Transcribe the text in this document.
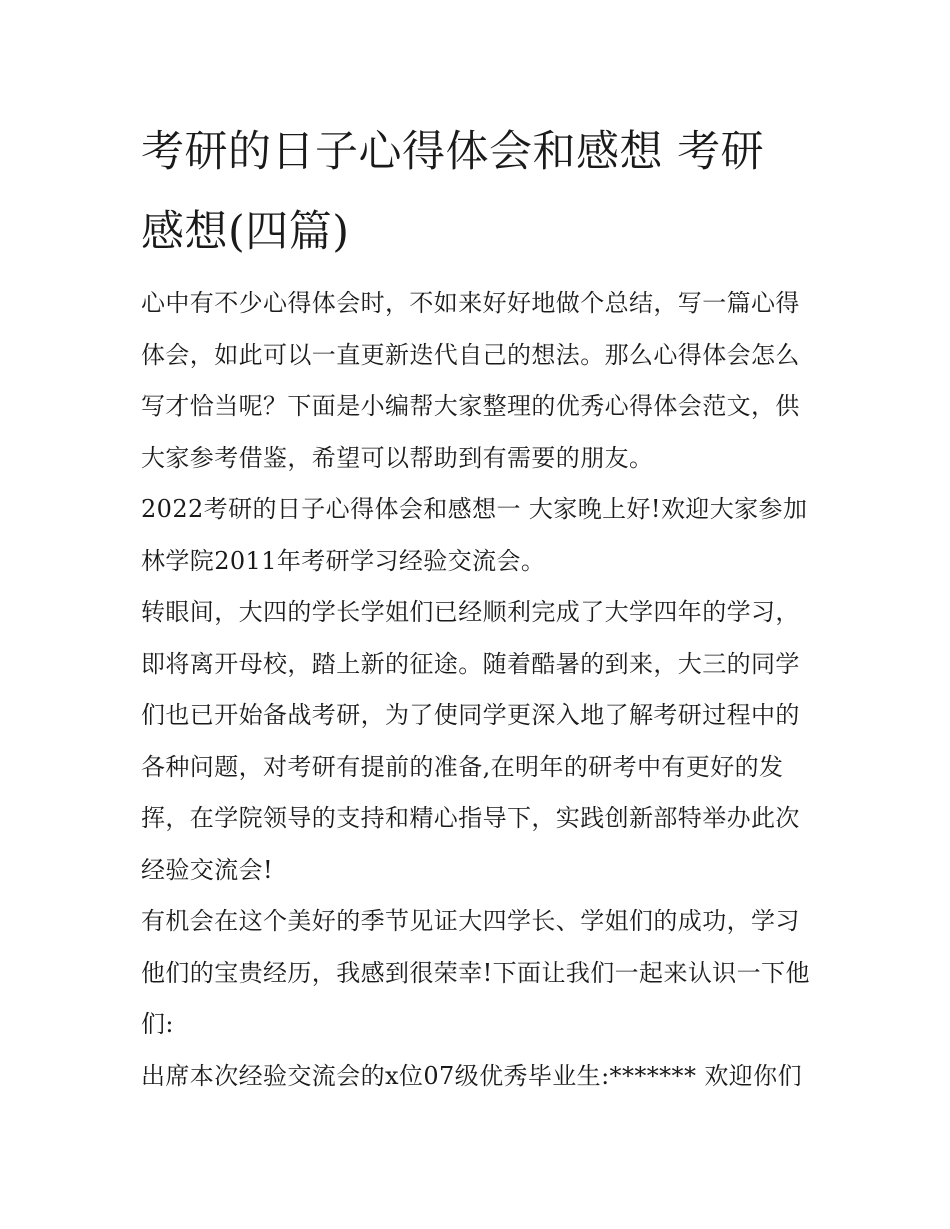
考研的日子心得体会和感想 考研 感想(四篇)

心中有不少心得体会时，不如来好好地做个总结，写一篇心得体会，如此可以一直更新迭代自己的想法。那么心得体会怎么写才恰当呢？下面是小编帮大家整理的优秀心得体会范文，供大家参考借鉴，希望可以帮助到有需要的朋友。

2022考研的日子心得体会和感想一 大家晚上好!欢迎大家参加林学院2011年考研学习经验交流会。

转眼间，大四的学长学姐们已经顺利完成了大学四年的学习，即将离开母校，踏上新的征途。随着酷暑的到来，大三的同学们也已开始备战考研，为了使同学更深入地了解考研过程中的各种问题，对考研有提前的准备,在明年的研考中有更好的发挥，在学院领导的支持和精心指导下，实践创新部特举办此次经验交流会!

有机会在这个美好的季节见证大四学长、学姐们的成功，学习他们的宝贵经历，我感到很荣幸!下面让我们一起来认识一下他们:

出席本次经验交流会的x位07级优秀毕业生:******* 欢迎你们
